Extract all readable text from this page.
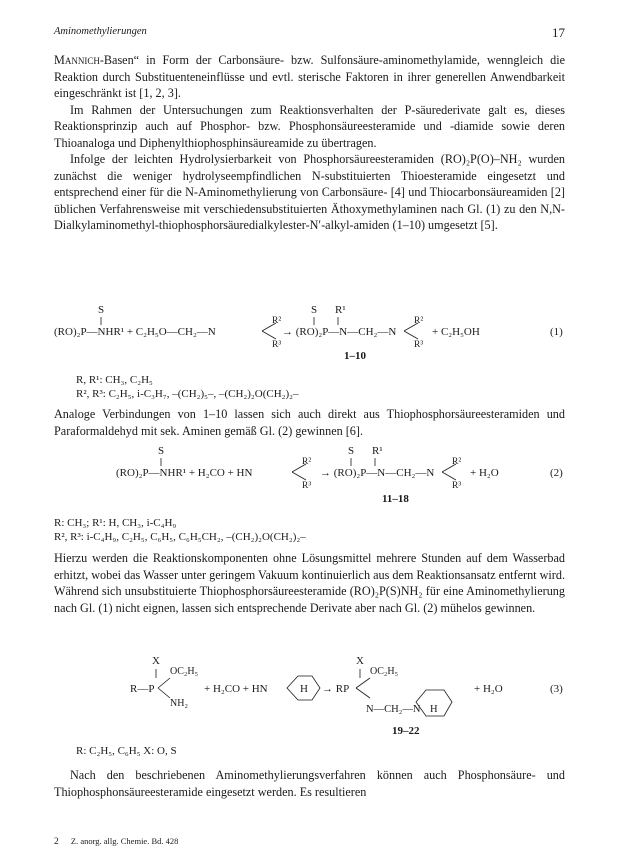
Aminomethylierungen	17

Mannich-Basen“ in Form der Carbonsäure- bzw. Sulfonsäure-aminomethylamide, wenngleich die Reaktion durch Substituenteneinflüsse und evtl. sterische Faktoren in ihrer generellen Anwendbarkeit eingeschränkt ist [1, 2, 3].

Im Rahmen der Untersuchungen zum Reaktionsverhalten der P-säurederivate galt es, dieses Reaktionsprinzip auch auf Phosphor- bzw. Phosphonsäureesteramide und -diamide sowie deren Thioanaloga und Diphenylthiophosphinsäureamide zu übertragen.

Infolge der leichten Hydrolysierbarkeit von Phosphorsäureesteramiden (RO)₂P(O)–NH₂ wurden zunächst die weniger hydrolyseempfindlichen N-substituierten Thioesteramide eingesetzt und entsprechend einer für die N-Aminomethylierung von Carbonsäure- [4] und Thiocarbonsäureamiden [2] üblichen Verfahrensweise mit verschiedensubstituierten Äthoxymethylaminen nach Gl. (1) zu den N,N-Dialkylaminomethyl-thiophosphorsäuredialkylester-N′-alkyl-amiden (1–10) umgesetzt [5].

S
(RO)₂P—NHR¹ + C₂H₅O—CH₂—N
R²
R³
S R¹
→ (RO)₂P—N—CH₂—N
R²
R³
+ C₂H₅OH	(1)
1–10
R, R¹: CH₃, C₂H₅
R², R³: C₂H₅, i-C₃H₇, –(CH₂)₅–, –(CH₂)₂O(CH₂)₂–

Analoge Verbindungen von 1–10 lassen sich auch direkt aus Thiophosphorsäureesteramiden und Paraformaldehyd mit sek. Aminen gemäß Gl. (2) gewinnen [6].

S
(RO)₂P—NHR¹ + H₂CO + HN
R²
R³
S R¹
→ (RO)₂P—N—CH₂—N
R²
R³
+ H₂O	(2)
11–18
R: CH₃; R¹: H, CH₃, i-C₄H₉
R², R³: i-C₄H₉, C₂H₅, C₆H₅, C₆H₅CH₂, –(CH₂)₂O(CH₂)₂–

Hierzu werden die Reaktionskomponenten ohne Lösungsmittel mehrere Stunden auf dem Wasserbad erhitzt, wobei das Wasser unter geringem Vakuum kontinuierlich aus dem Reaktionsansatz entfernt wird. Während sich unsubstituierte Thiophosphorsäureesteramide (RO)₂P(S)NH₂ für eine Aminomethylierung nach Gl. (1) nicht eignen, lassen sich entsprechende Derivate aber nach Gl. (2) mühelos gewinnen.

X
OC₂H₅
R—P
NH₂
+ H₂CO + HN	H → RP
X
OC₂H₅
N—CH₂—N H
+ H₂O	(3)
19–22
R: C₂H₅, C₆H₅ X: O, S

Nach den beschriebenen Aminomethylierungsverfahren können auch Phosphonsäure- und Thiophosphonsäureesteramide eingesetzt werden. Es resultieren

2 Z. anorg. allg. Chemie. Bd. 428
